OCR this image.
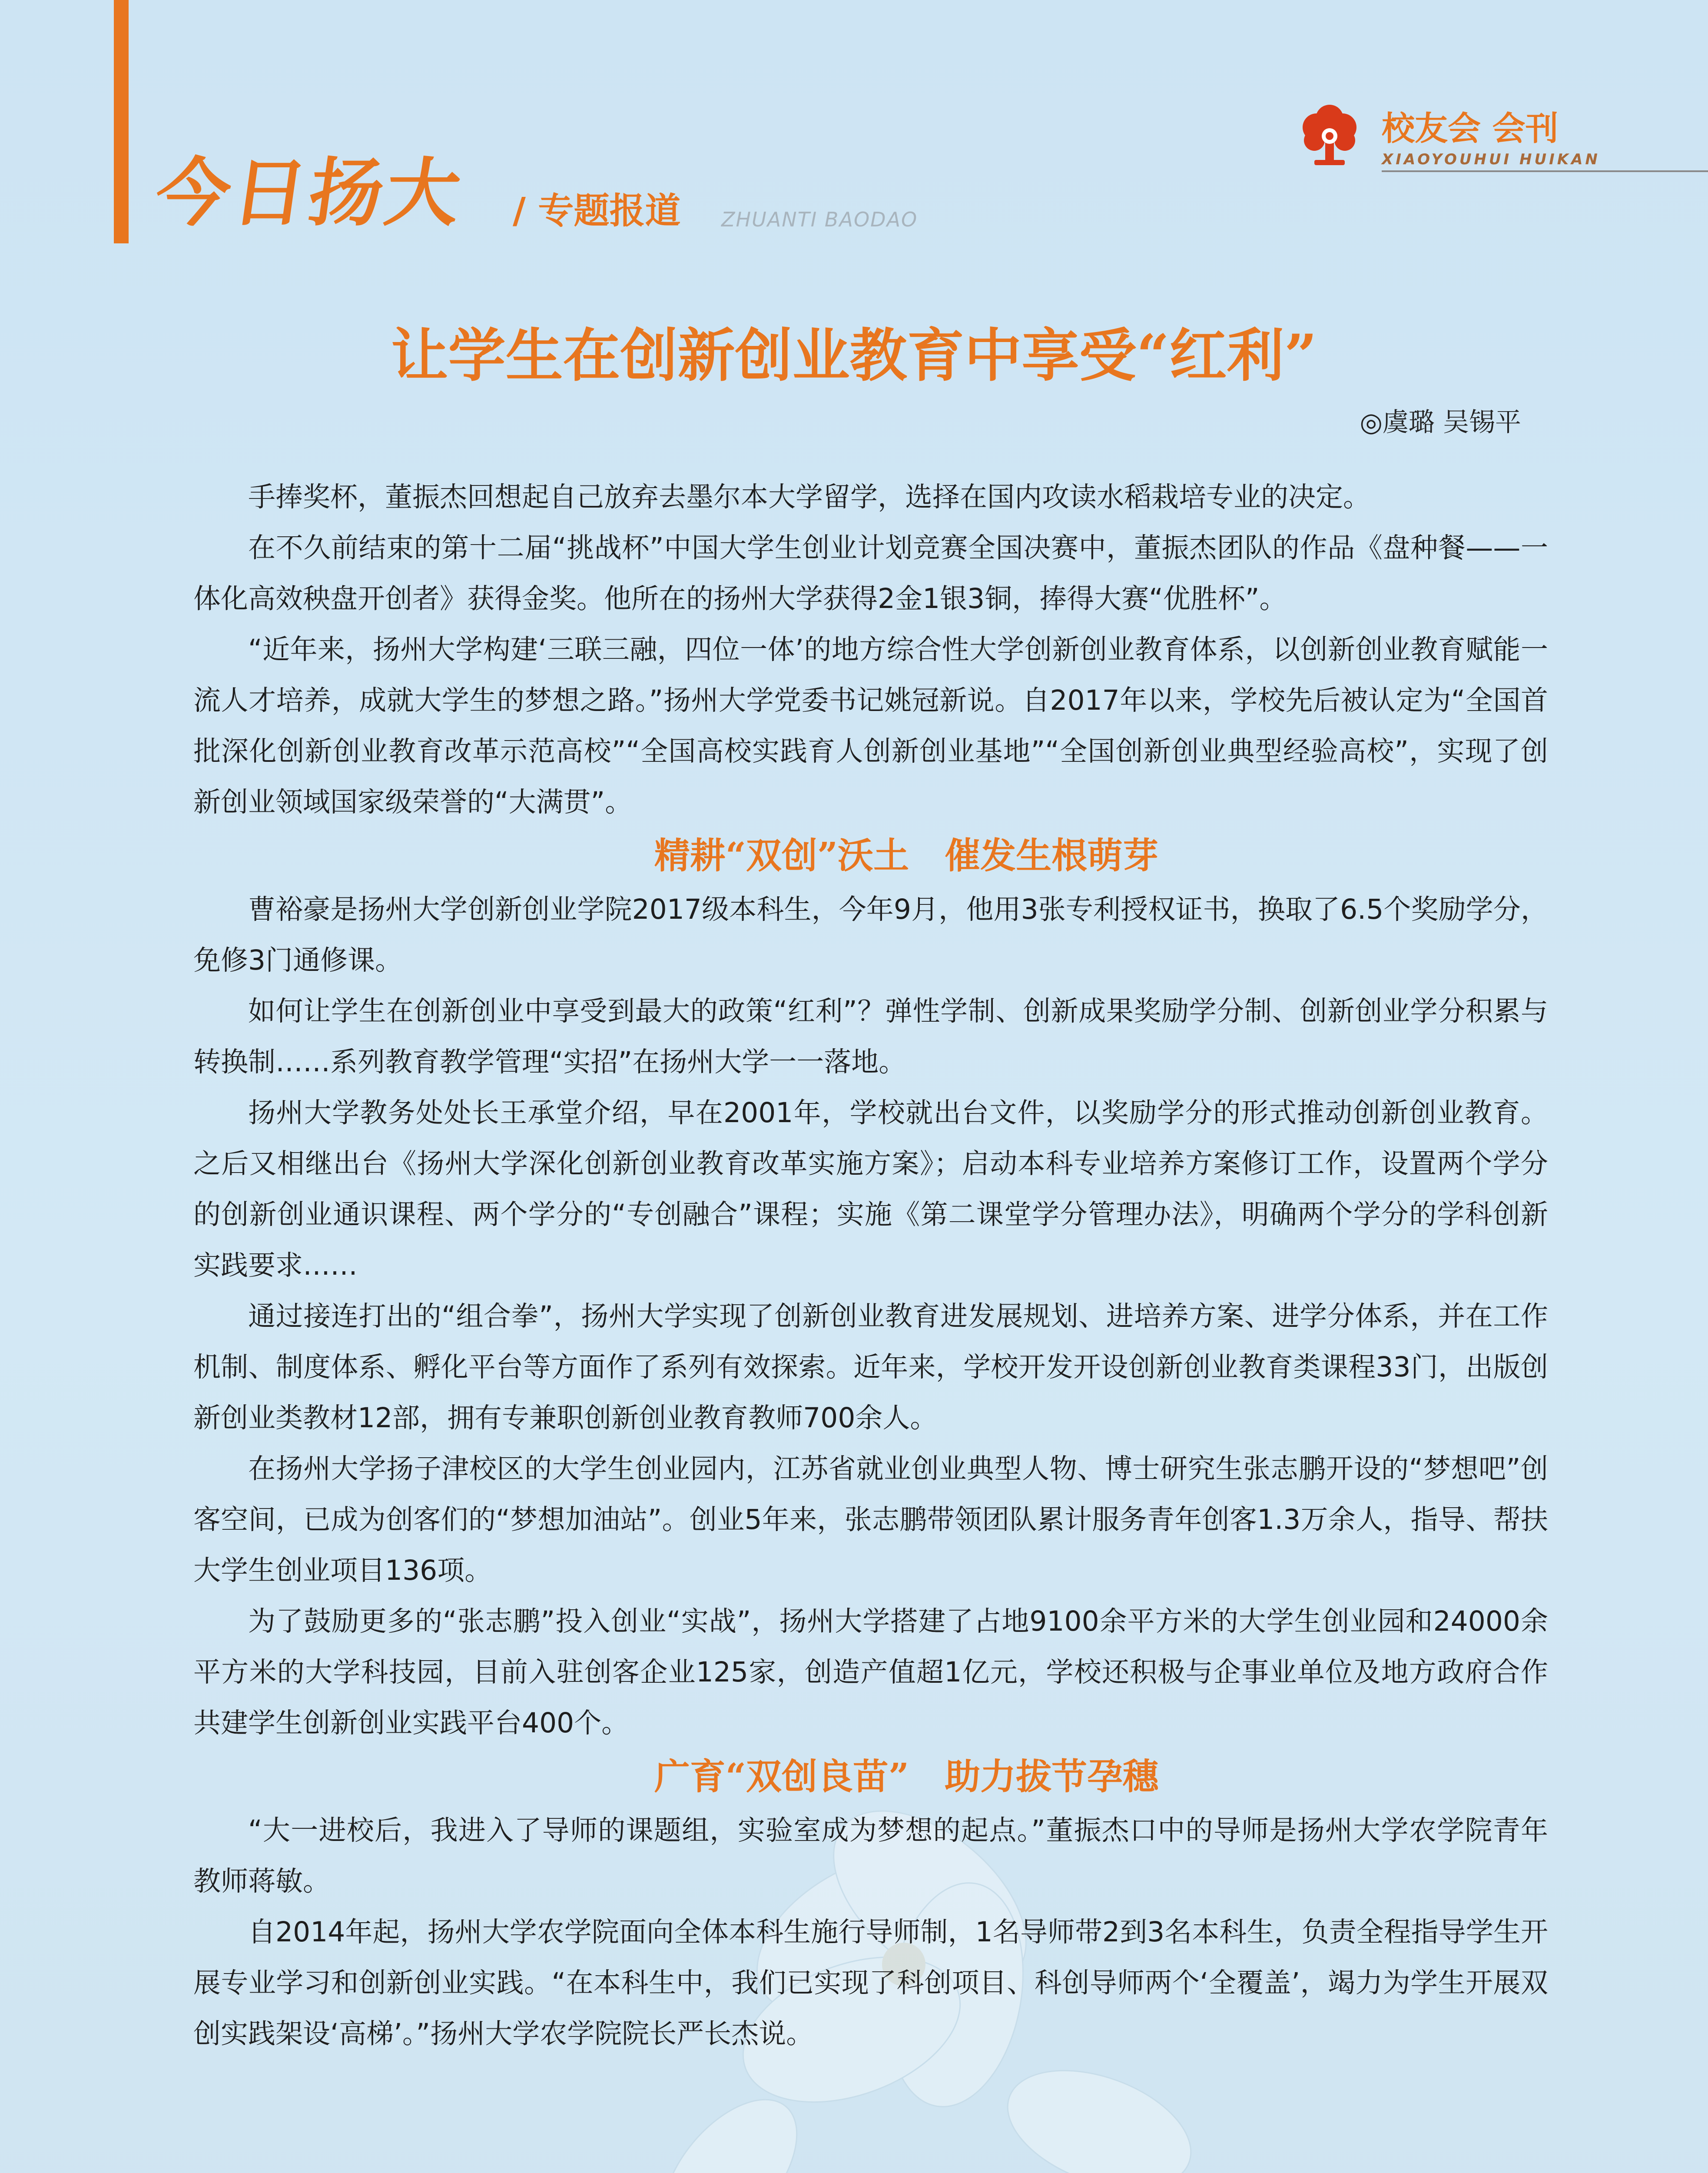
今日扬大 / 专题报道 ZHUANTI BAODAO
校友会 会刊
XIAOYOUHUI HUIKAN
让学生在创新创业教育中享受“红利”
◎虞璐 吴锡平

手捧奖杯，董振杰回想起自己放弃去墨尔本大学留学，选择在国内攻读水稻栽培专业的决定。

在不久前结束的第十二届“挑战杯”中国大学生创业计划竞赛全国决赛中，董振杰团队的作品《盘种餐——一体化高效秧盘开创者》获得金奖。他所在的扬州大学获得2金1银3铜，捧得大赛“优胜杯”。

“近年来，扬州大学构建‘三联三融，四位一体’的地方综合性大学创新创业教育体系，以创新创业教育赋能一流人才培养，成就大学生的梦想之路。”扬州大学党委书记姚冠新说。自2017年以来，学校先后被认定为“全国首批深化创新创业教育改革示范高校”“全国高校实践育人创新创业基地”“全国创新创业典型经验高校”，实现了创新创业领域国家级荣誉的“大满贯”。

精耕“双创”沃土　催发生根萌芽

曹裕豪是扬州大学创新创业学院2017级本科生，今年9月，他用3张专利授权证书，换取了6.5个奖励学分，免修3门通修课。

如何让学生在创新创业中享受到最大的政策“红利”？弹性学制、创新成果奖励学分制、创新创业学分积累与转换制……系列教育教学管理“实招”在扬州大学一一落地。

扬州大学教务处处长王承堂介绍，早在2001年，学校就出台文件，以奖励学分的形式推动创新创业教育。之后又相继出台《扬州大学深化创新创业教育改革实施方案》；启动本科专业培养方案修订工作，设置两个学分的创新创业通识课程、两个学分的“专创融合”课程；实施《第二课堂学分管理办法》，明确两个学分的学科创新实践要求……

通过接连打出的“组合拳”，扬州大学实现了创新创业教育进发展规划、进培养方案、进学分体系，并在工作机制、制度体系、孵化平台等方面作了系列有效探索。近年来，学校开发开设创新创业教育类课程33门，出版创新创业类教材12部，拥有专兼职创新创业教育教师700余人。

在扬州大学扬子津校区的大学生创业园内，江苏省就业创业典型人物、博士研究生张志鹏开设的“梦想吧”创客空间，已成为创客们的“梦想加油站”。创业5年来，张志鹏带领团队累计服务青年创客1.3万余人，指导、帮扶大学生创业项目136项。

为了鼓励更多的“张志鹏”投入创业“实战”，扬州大学搭建了占地9100余平方米的大学生创业园和24000余平方米的大学科技园，目前入驻创客企业125家，创造产值超1亿元，学校还积极与企事业单位及地方政府合作共建学生创新创业实践平台400个。

广育“双创良苗”　助力拔节孕穗

“大一进校后，我进入了导师的课题组，实验室成为梦想的起点。”董振杰口中的导师是扬州大学农学院青年教师蒋敏。

自2014年起，扬州大学农学院面向全体本科生施行导师制，1名导师带2到3名本科生，负责全程指导学生开展专业学习和创新创业实践。“在本科生中，我们已实现了科创项目、科创导师两个‘全覆盖’，竭力为学生开展双创实践架设‘高梯’。”扬州大学农学院院长严长杰说。
